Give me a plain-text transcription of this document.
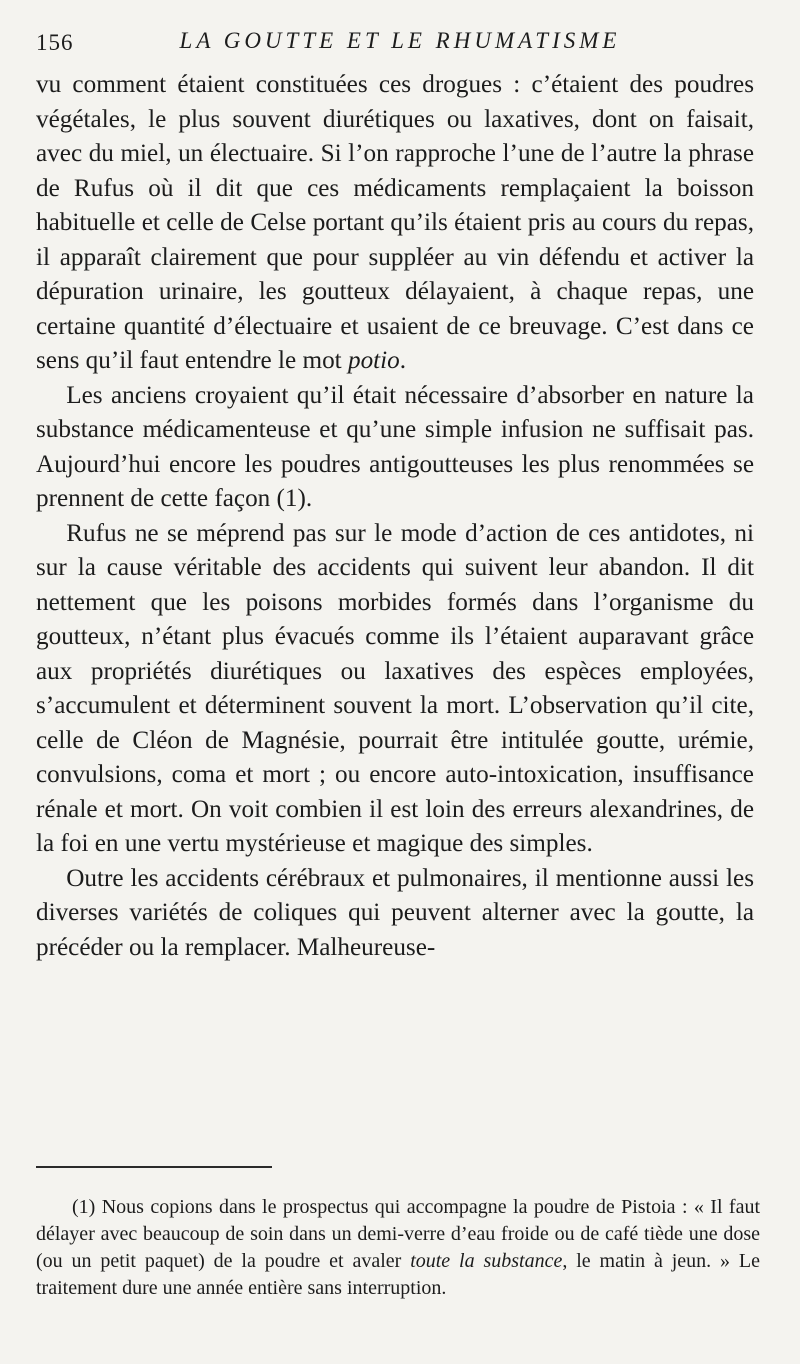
156	LA GOUTTE ET LE RHUMATISME

vu comment étaient constituées ces drogues : c’étaient des poudres végétales, le plus souvent diurétiques ou laxatives, dont on faisait, avec du miel, un électuaire. Si l’on rapproche l’une de l’autre la phrase de Rufus où il dit que ces médicaments remplaçaient la boisson habituelle et celle de Celse portant qu’ils étaient pris au cours du repas, il apparaît clairement que pour suppléer au vin défendu et activer la dépuration urinaire, les goutteux délayaient, à chaque repas, une certaine quantité d’électuaire et usaient de ce breuvage. C’est dans ce sens qu’il faut entendre le mot potio.

Les anciens croyaient qu’il était nécessaire d’absorber en nature la substance médicamenteuse et qu’une simple infusion ne suffisait pas. Aujourd’hui encore les poudres antigoutteuses les plus renommées se prennent de cette façon (1).

Rufus ne se méprend pas sur le mode d’action de ces antidotes, ni sur la cause véritable des accidents qui suivent leur abandon. Il dit nettement que les poisons morbides formés dans l’organisme du goutteux, n’étant plus évacués comme ils l’étaient auparavant grâce aux propriétés diurétiques ou laxatives des espèces employées, s’accumulent et déterminent souvent la mort. L’observation qu’il cite, celle de Cléon de Magnésie, pourrait être intitulée goutte, urémie, convulsions, coma et mort ; ou encore auto-intoxication, insuffisance rénale et mort. On voit combien il est loin des erreurs alexandrines, de la foi en une vertu mystérieuse et magique des simples.

Outre les accidents cérébraux et pulmonaires, il mentionne aussi les diverses variétés de coliques qui peuvent alterner avec la goutte, la précéder ou la remplacer. Malheureuse-

(1) Nous copions dans le prospectus qui accompagne la poudre de Pistoia : « Il faut délayer avec beaucoup de soin dans un demi-verre d’eau froide ou de café tiède une dose (ou un petit paquet) de la poudre et avaler toute la substance, le matin à jeun. » Le traitement dure une année entière sans interruption.
